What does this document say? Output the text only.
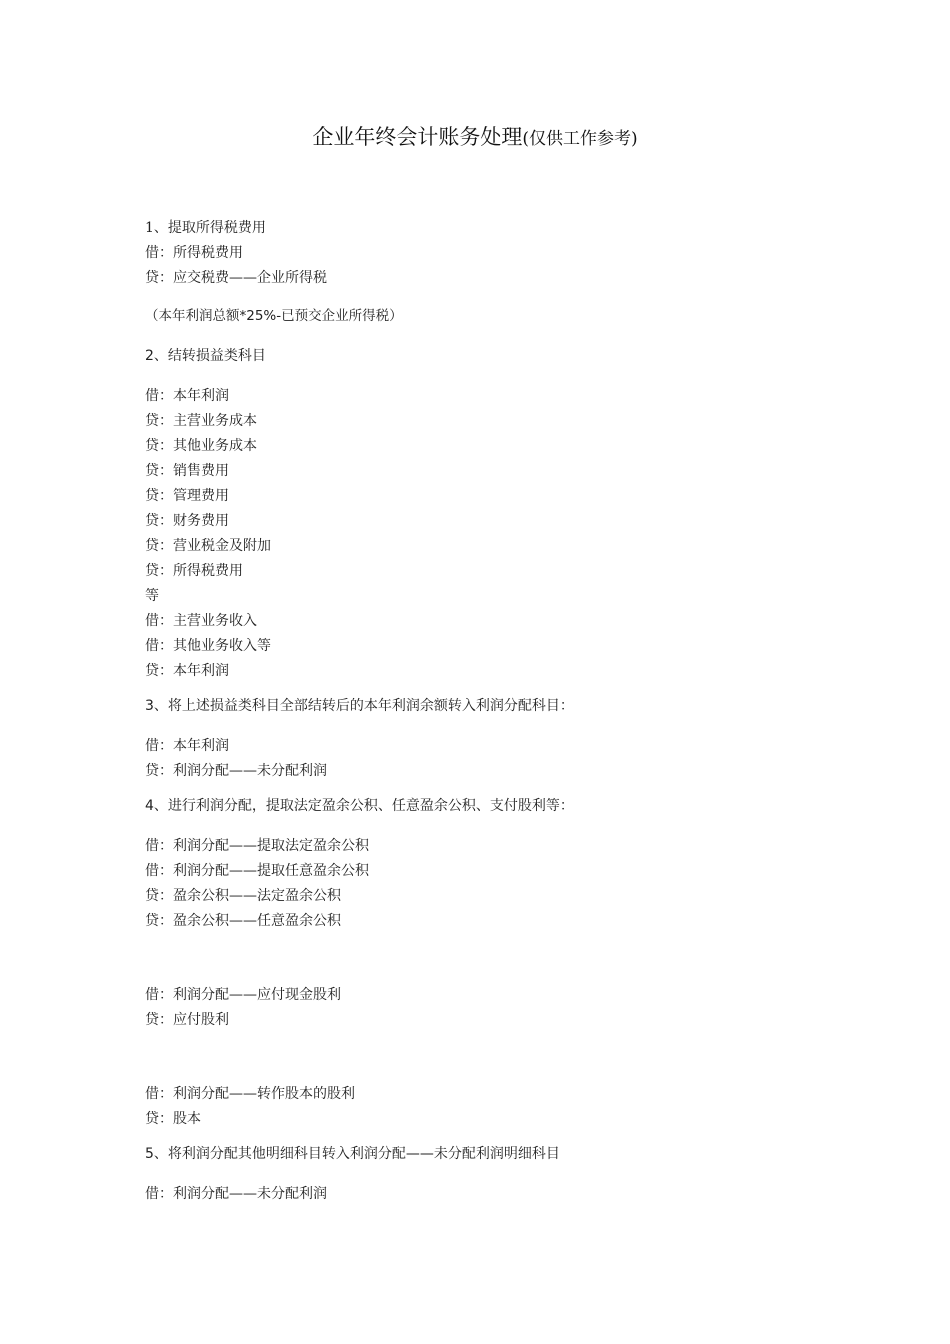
企业年终会计账务处理(仅供工作参考)
1、提取所得税费用
借：所得税费用
贷：应交税费——企业所得税
（本年利润总额*25%-已预交企业所得税）
2、结转损益类科目
借：本年利润
贷：主营业务成本
贷：其他业务成本
贷：销售费用
贷：管理费用
贷：财务费用
贷：营业税金及附加
贷：所得税费用
等
借：主营业务收入
借：其他业务收入等
贷：本年利润
3、将上述损益类科目全部结转后的本年利润余额转入利润分配科目：
借：本年利润
贷：利润分配——未分配利润
4、进行利润分配，提取法定盈余公积、任意盈余公积、支付股利等：
借：利润分配——提取法定盈余公积
借：利润分配——提取任意盈余公积
贷：盈余公积——法定盈余公积
贷：盈余公积——任意盈余公积
借：利润分配——应付现金股利
贷：应付股利
借：利润分配——转作股本的股利
贷：股本
5、将利润分配其他明细科目转入利润分配——未分配利润明细科目
借：利润分配——未分配利润
